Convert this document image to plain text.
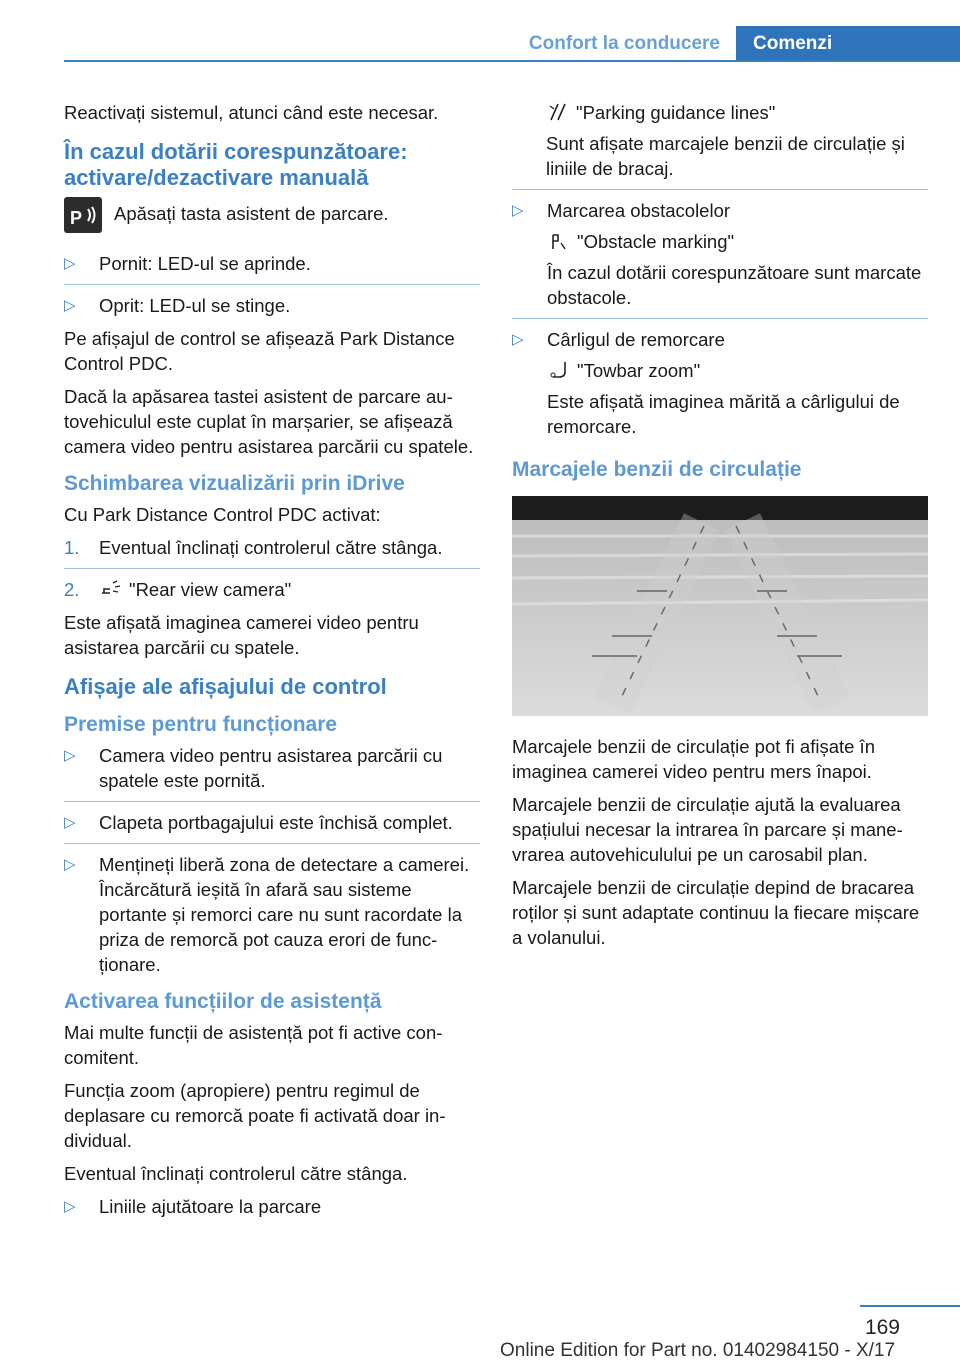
Confort la conducere	Comenzi

Reactivați sistemul, atunci când este necesar.

În cazul dotării corespunzătoare: activare/dezactivare manuală

P Apăsați tasta asistent de parcare.

▷ Pornit: LED-ul se aprinde.
▷ Oprit: LED-ul se stinge.

Pe afișajul de control se afișează Park Distance Control PDC.

Dacă la apăsarea tastei asistent de parcare autovehiculul este cuplat în marșarier, se afișează camera video pentru asistarea parcării cu spatele.

Schimbarea vizualizării prin iDrive

Cu Park Distance Control PDC activat:

1. Eventual înclinați controlerul către stânga.
2.	"Rear view camera"

Este afișată imaginea camerei video pentru asistarea parcării cu spatele.

Afișaje ale afișajului de control
Premise pentru funcționare
▷ Camera video pentru asistarea parcării cu spatele este pornită.
▷ Clapeta portbagajului este închisă complet.
▷ Mențineți liberă zona de detectare a camerei. Încărcătură ieșită în afară sau sisteme portante și remorci care nu sunt racordate la priza de remorcă pot cauza erori de funcționare.
Activarea funcțiilor de asistență

Mai multe funcții de asistență pot fi active concomitent.

Funcția zoom (apropiere) pentru regimul de deplasare cu remorcă poate fi activată doar individual.

Eventual înclinați controlerul către stânga.

▷ Liniile ajutătoare la parcare
"Parking guidance lines"
Sunt afișate marcajele benzii de circulație și liniile de bracaj.
▷ Marcarea obstacolelor
"Obstacle marking"
În cazul dotării corespunzătoare sunt marcate obstacole.
▷ Cârligul de remorcare
"Towbar zoom"
Este afișată imaginea mărită a cârligului de remorcare.
Marcajele benzii de circulație

Marcajele benzii de circulație pot fi afișate în imaginea camerei video pentru mers înapoi.

Marcajele benzii de circulație ajută la evaluarea spațiului necesar la intrarea în parcare și manevrarea autovehiculului pe un carosabil plan.

Marcajele benzii de circulație depind de bracarea roților și sunt adaptate continuu la fiecare mișcare a volanului.

169
Online Edition for Part no. 01402984150 - X/17
